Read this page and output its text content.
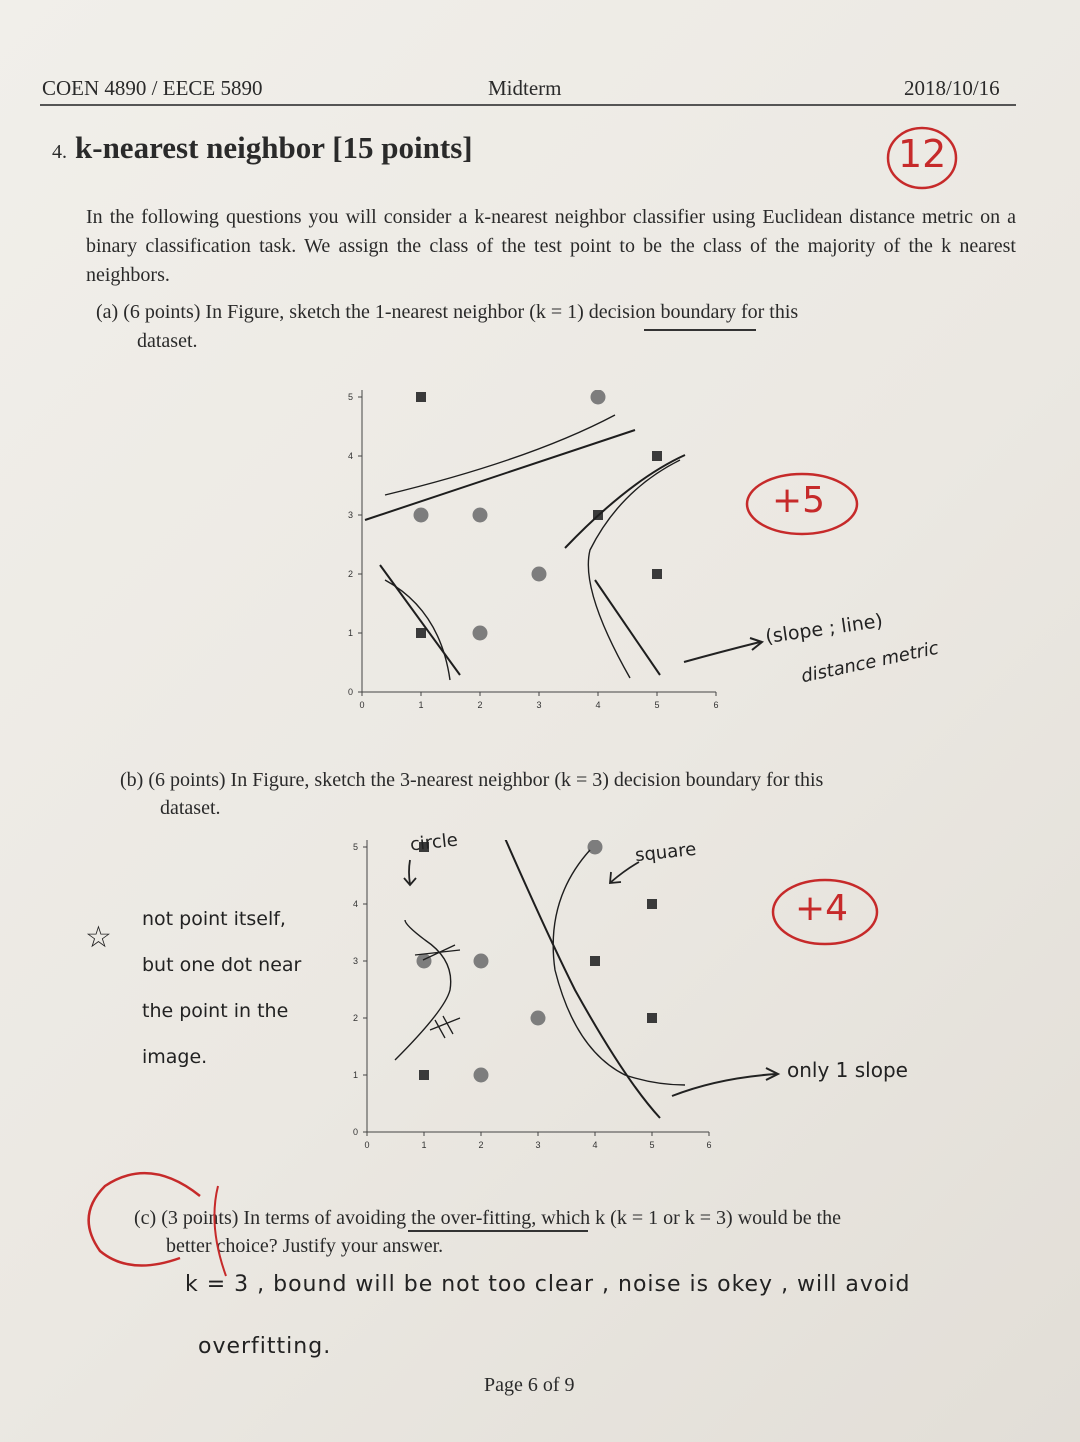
COEN 4890 / EECE 5890	Midterm	2018/10/16
4. k-nearest neighbor [15 points]	12
In the following questions you will consider a k-nearest neighbor classifier using Euclidean distance metric on a binary classification task. We assign the class of the test point to be the class of the majority of the k nearest neighbors.
(a) (6 points) In Figure, sketch the 1-nearest neighbor (k = 1) decision boundary for this
dataset.
0	1	2	3	4	5	6
0
1
2
3
4
5
+5
(slope ; line)
distance metric
(b) (6 points) In Figure, sketch the 3-nearest neighbor (k = 3) decision boundary for this
dataset.
0	1	2	3	4	5	6
0
1
2
3
4
5	circle	square
+4
only 1 slope
☆
not point itself,
but one dot near
the point in the
image.
(c) (3 points) In terms of avoiding the over-fitting, which k (k = 1 or k = 3) would be the
better choice? Justify your answer.
k = 3 , bound will be not too clear , noise is okey , will avoid
overfitting.
Page 6 of 9
